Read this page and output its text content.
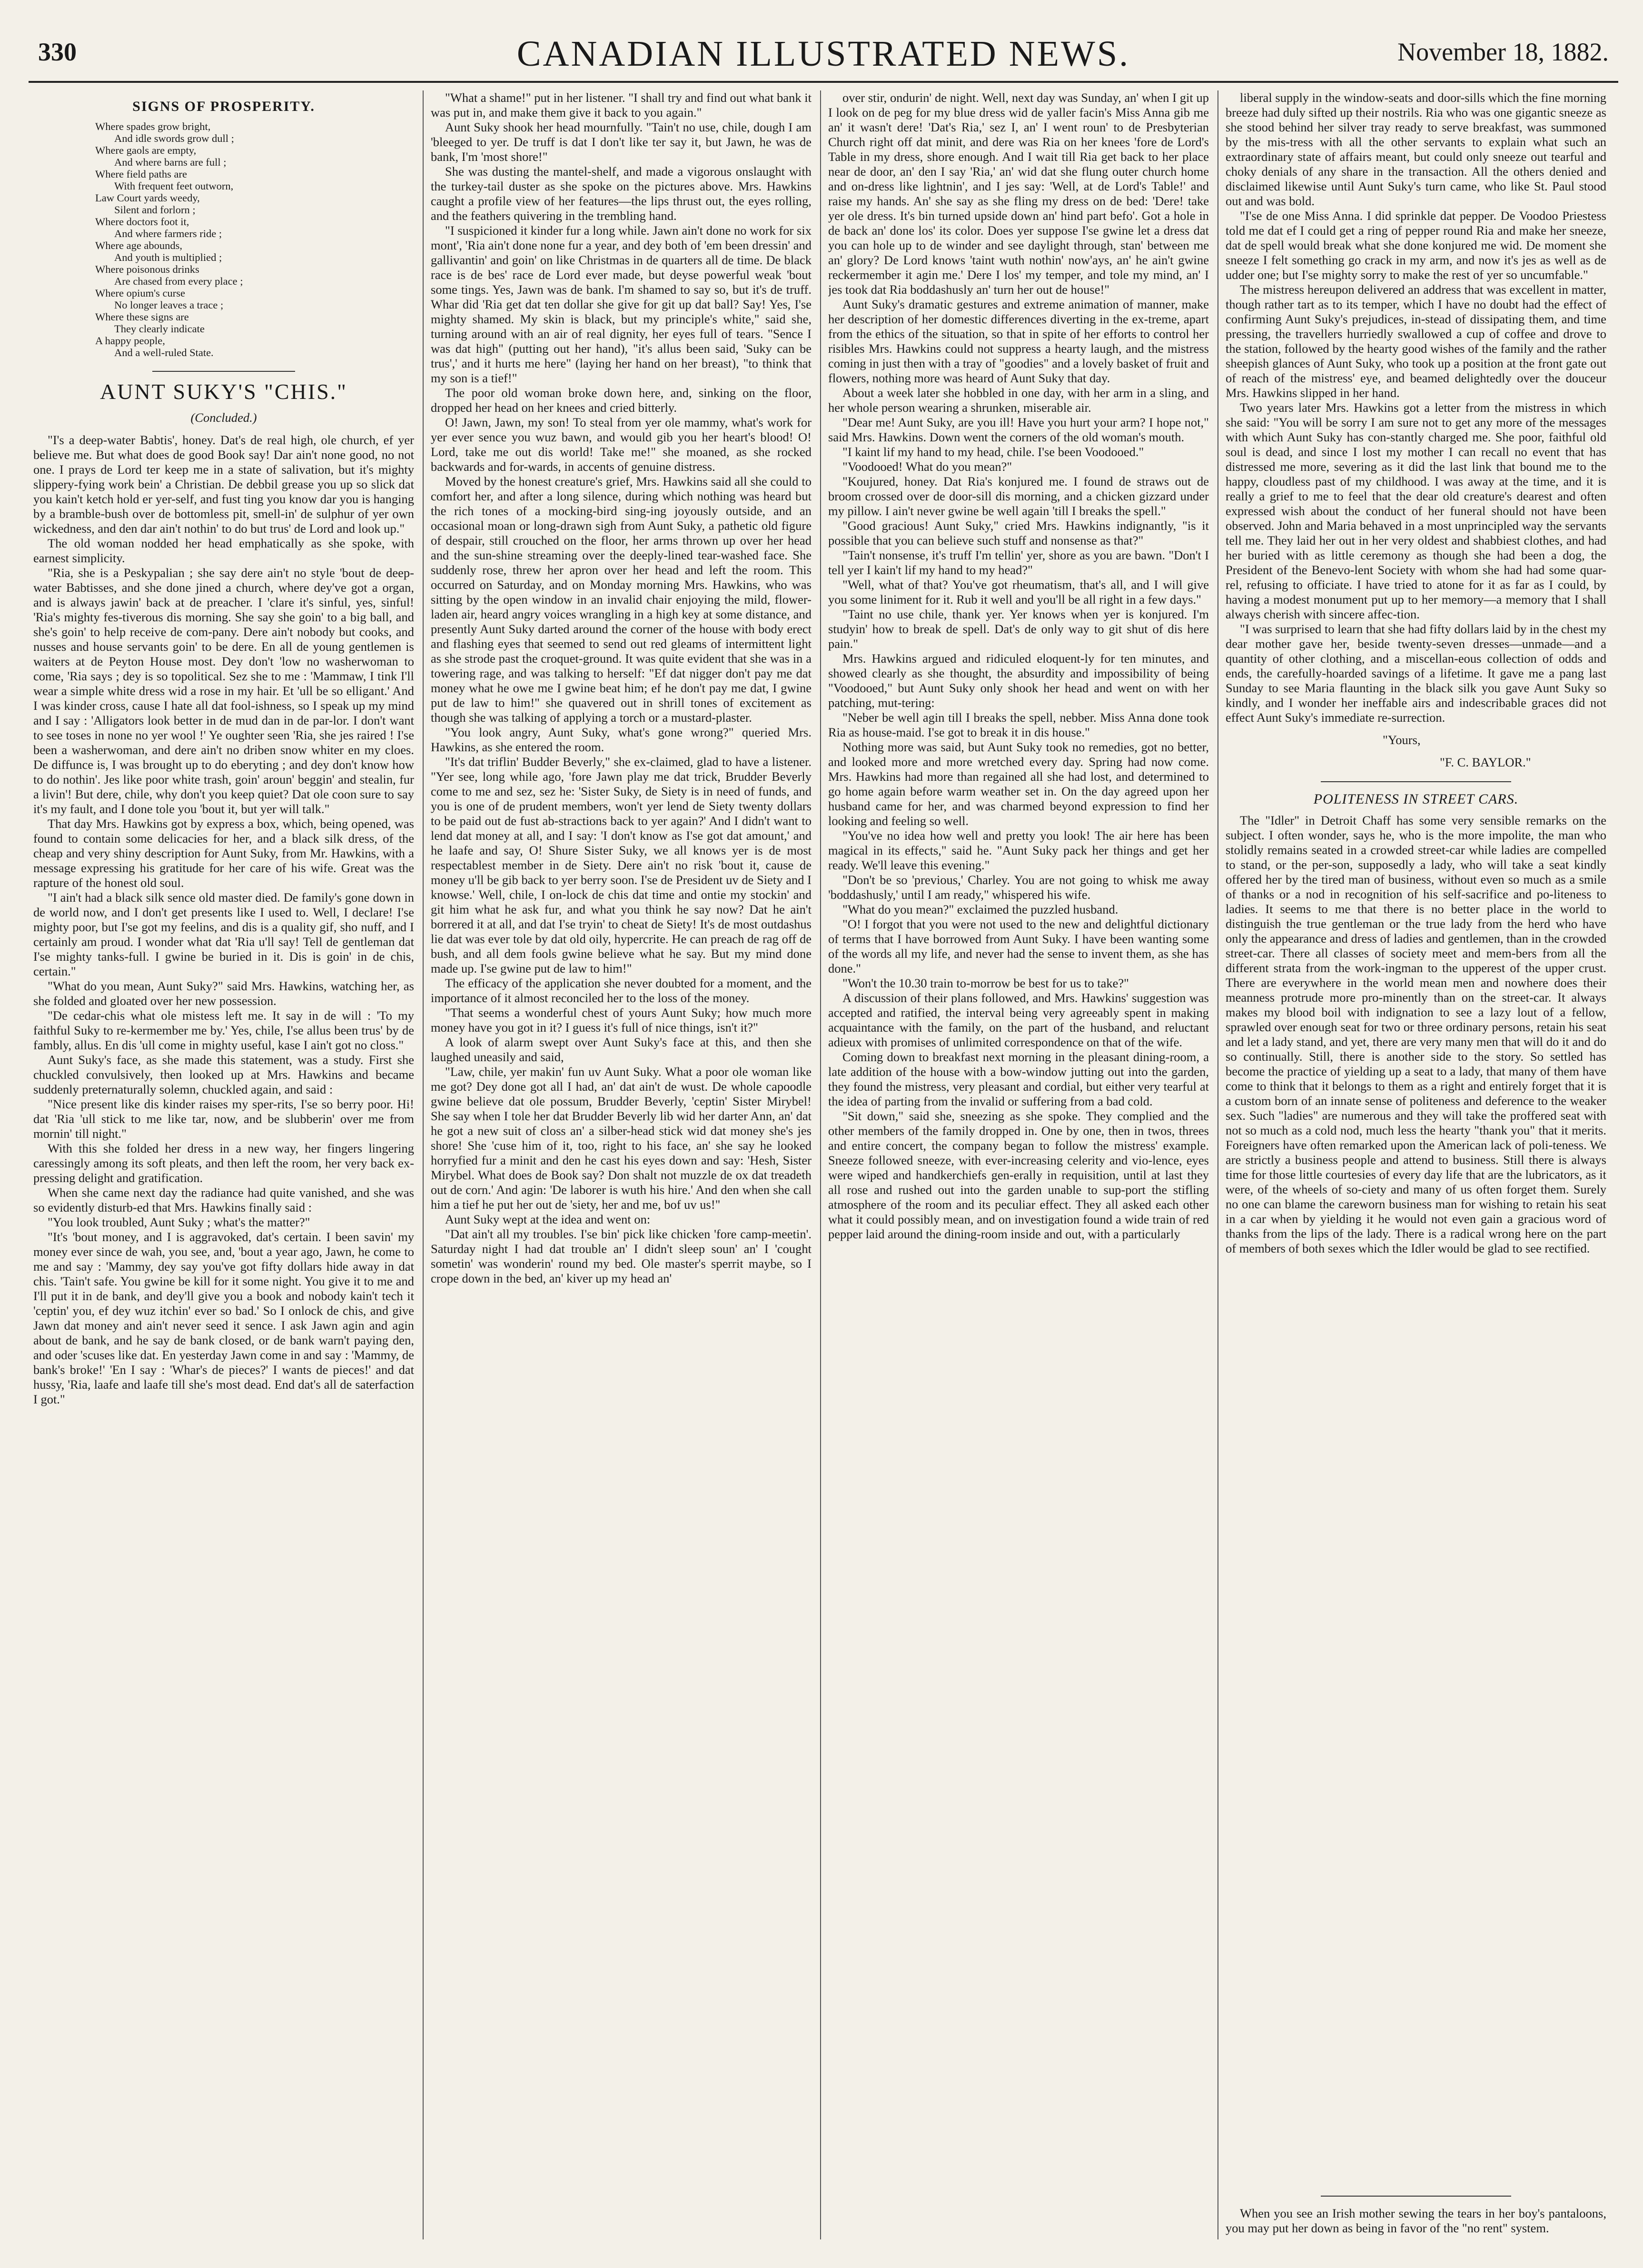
330	CANADIAN ILLUSTRATED NEWS.	November 18, 1882.
SIGNS OF PROSPERITY.
Where spades grow bright,
And idle swords grow dull ;
Where gaols are empty,
And where barns are full ;
Where field paths are
With frequent feet outworn,
Law Court yards weedy,
Silent and forlorn ;
Where doctors foot it,
And where farmers ride ;
Where age abounds,
And youth is multiplied ;
Where poisonous drinks
Are chased from every place ;
Where opium's curse
No longer leaves a trace ;
Where these signs are
They clearly indicate
A happy people,
And a well-ruled State.
AUNT SUKY'S "CHIS."
(Concluded.)

"I's a deep-water Babtis', honey. Dat's de real high, ole church, ef yer believe me. But what does de good Book say! Dar ain't none good, no not one. I prays de Lord ter keep me in a state of salivation, but it's mighty slippery-fying work bein' a Christian. De debbil grease you up so slick dat you kain't ketch hold er yer-self, and fust ting you know dar you is hanging by a bramble-bush over de bottomless pit, smell-in' de sulphur of yer own wickedness, and den dar ain't nothin' to do but trus' de Lord and look up."

The old woman nodded her head emphatically as she spoke, with earnest simplicity.

"Ria, she is a Peskypalian ; she say dere ain't no style 'bout de deep-water Babtisses, and she done jined a church, where dey've got a organ, and is always jawin' back at de preacher. I 'clare it's sinful, yes, sinful! 'Ria's mighty fes-tiverous dis morning. She say she goin' to a big ball, and she's goin' to help receive de com-pany. Dere ain't nobody but cooks, and nusses and house servants goin' to be dere. En all de young gentlemen is waiters at de Peyton House most. Dey don't 'low no washerwoman to come, 'Ria says ; dey is so topolitical. Sez she to me : 'Mammaw, I tink I'll wear a simple white dress wid a rose in my hair. Et 'ull be so elligant.' And I was kinder cross, cause I hate all dat fool-ishness, so I speak up my mind and I say : 'Alligators look better in de mud dan in de par-lor. I don't want to see toses in none no yer wool !' Ye oughter seen 'Ria, she jes raired ! I'se been a washerwoman, and dere ain't no driben snow whiter en my cloes. De diffunce is, I was brought up to do eberyting ; and dey don't know how to do nothin'. Jes like poor white trash, goin' aroun' beggin' and stealin, fur a livin'! But dere, chile, why don't you keep quiet? Dat ole coon sure to say it's my fault, and I done tole you 'bout it, but yer will talk."

That day Mrs. Hawkins got by express a box, which, being opened, was found to contain some delicacies for her, and a black silk dress, of the cheap and very shiny description for Aunt Suky, from Mr. Hawkins, with a message expressing his gratitude for her care of his wife. Great was the rapture of the honest old soul.

"I ain't had a black silk sence old master died. De family's gone down in de world now, and I don't get presents like I used to. Well, I declare! I'se mighty poor, but I'se got my feelins, and dis is a quality gif, sho nuff, and I certainly am proud. I wonder what dat 'Ria u'll say! Tell de gentleman dat I'se mighty tanks-full. I gwine be buried in it. Dis is goin' in de chis, certain."

"What do you mean, Aunt Suky?" said Mrs. Hawkins, watching her, as she folded and gloated over her new possession.

"De cedar-chis what ole mistess left me. It say in de will : 'To my faithful Suky to re-kermember me by.' Yes, chile, I'se allus been trus' by de fambly, allus. En dis 'ull come in mighty useful, kase I ain't got no closs."

Aunt Suky's face, as she made this statement, was a study. First she chuckled convulsively, then looked up at Mrs. Hawkins and became suddenly preternaturally solemn, chuckled again, and said :

"Nice present like dis kinder raises my sper-rits, I'se so berry poor. Hi! dat 'Ria 'ull stick to me like tar, now, and be slubberin' over me from mornin' till night."

With this she folded her dress in a new way, her fingers lingering caressingly among its soft pleats, and then left the room, her very back ex-pressing delight and gratification.

When she came next day the radiance had quite vanished, and she was so evidently disturb-ed that Mrs. Hawkins finally said :

"You look troubled, Aunt Suky ; what's the matter?"

"It's 'bout money, and I is aggravoked, dat's certain. I been savin' my money ever since de wah, you see, and, 'bout a year ago, Jawn, he come to me and say : 'Mammy, dey say you've got fifty dollars hide away in dat chis. 'Tain't safe. You gwine be kill for it some night. You give it to me and I'll put it in de bank, and dey'll give you a book and nobody kain't tech it 'ceptin' you, ef dey wuz itchin' ever so bad.' So I onlock de chis, and give Jawn dat money and ain't never seed it sence. I ask Jawn agin and agin about de bank, and he say de bank closed, or de bank warn't paying den, and oder 'scuses like dat. En yesterday Jawn come in and say : 'Mammy, de bank's broke!' 'En I say : 'Whar's de pieces?' I wants de pieces!' and dat hussy, 'Ria, laafe and laafe till she's most dead. End dat's all de saterfaction I got."

"What a shame!" put in her listener. "I shall try and find out what bank it was put in, and make them give it back to you again."

Aunt Suky shook her head mournfully. "Tain't no use, chile, dough I am 'bleeged to yer. De truff is dat I don't like ter say it, but Jawn, he was de bank, I'm 'most shore!"

She was dusting the mantel-shelf, and made a vigorous onslaught with the turkey-tail duster as she spoke on the pictures above. Mrs. Hawkins caught a profile view of her features—the lips thrust out, the eyes rolling, and the feathers quivering in the trembling hand.

"I suspicioned it kinder fur a long while. Jawn ain't done no work for six mont', 'Ria ain't done none fur a year, and dey both of 'em been dressin' and gallivantin' and goin' on like Christmas in de quarters all de time. De black race is de bes' race de Lord ever made, but deyse powerful weak 'bout some tings. Yes, Jawn was de bank. I'm shamed to say so, but it's de truff. Whar did 'Ria get dat ten dollar she give for git up dat ball? Say! Yes, I'se mighty shamed. My skin is black, but my principle's white," said she, turning around with an air of real dignity, her eyes full of tears. "Sence I was dat high" (putting out her hand), "it's allus been said, 'Suky can be trus',' and it hurts me here" (laying her hand on her breast), "to think that my son is a tief!"

The poor old woman broke down here, and, sinking on the floor, dropped her head on her knees and cried bitterly.

O! Jawn, Jawn, my son! To steal from yer ole mammy, what's work for yer ever sence you wuz bawn, and would gib you her heart's blood! O! Lord, take me out dis world! Take me!" she moaned, as she rocked backwards and for-wards, in accents of genuine distress.

Moved by the honest creature's grief, Mrs. Hawkins said all she could to comfort her, and after a long silence, during which nothing was heard but the rich tones of a mocking-bird sing-ing joyously outside, and an occasional moan or long-drawn sigh from Aunt Suky, a pathetic old figure of despair, still crouched on the floor, her arms thrown up over her head and the sun-shine streaming over the deeply-lined tear-washed face. She suddenly rose, threw her apron over her head and left the room. This occurred on Saturday, and on Monday morning Mrs. Hawkins, who was sitting by the open window in an invalid chair enjoying the mild, flower-laden air, heard angry voices wrangling in a high key at some distance, and presently Aunt Suky darted around the corner of the house with body erect and flashing eyes that seemed to send out red gleams of intermittent light as she strode past the croquet-ground. It was quite evident that she was in a towering rage, and was talking to herself: "Ef dat nigger don't pay me dat money what he owe me I gwine beat him; ef he don't pay me dat, I gwine put de law to him!" she quavered out in shrill tones of excitement as though she was talking of applying a torch or a mustard-plaster.

"You look angry, Aunt Suky, what's gone wrong?" queried Mrs. Hawkins, as she entered the room.

"It's dat triflin' Budder Beverly," she ex-claimed, glad to have a listener. "Yer see, long while ago, 'fore Jawn play me dat trick, Brudder Beverly come to me and sez, sez he: 'Sister Suky, de Siety is in need of funds, and you is one of de prudent members, won't yer lend de Siety twenty dollars to be paid out de fust ab-stractions back to yer again?' And I didn't want to lend dat money at all, and I say: 'I don't know as I'se got dat amount,' and he laafe and say, O! Shure Sister Suky, we all knows yer is de most respectablest member in de Siety. Dere ain't no risk 'bout it, cause de money u'll be gib back to yer berry soon. I'se de President uv de Siety and I knowse.' Well, chile, I on-lock de chis dat time and ontie my stockin' and git him what he ask fur, and what you think he say now? Dat he ain't borrered it at all, and dat I'se tryin' to cheat de Siety! It's de most outdashus lie dat was ever tole by dat old oily, hypercrite. He can preach de rag off de bush, and all dem fools gwine believe what he say. But my mind done made up. I'se gwine put de law to him!"

The efficacy of the application she never doubted for a moment, and the importance of it almost reconciled her to the loss of the money.

"That seems a wonderful chest of yours Aunt Suky; how much more money have you got in it? I guess it's full of nice things, isn't it?"

A look of alarm swept over Aunt Suky's face at this, and then she laughed uneasily and said,

"Law, chile, yer makin' fun uv Aunt Suky. What a poor ole woman like me got? Dey done got all I had, an' dat ain't de wust. De whole capoodle gwine believe dat ole possum, Brudder Beverly, 'ceptin' Sister Mirybel! She say when I tole her dat Brudder Beverly lib wid her darter Ann, an' dat he got a new suit of closs an' a silber-head stick wid dat money she's jes shore! She 'cuse him of it, too, right to his face, an' she say he looked horryfied fur a minit and den he cast his eyes down and say: 'Hesh, Sister Mirybel. What does de Book say? Don shalt not muzzle de ox dat treadeth out de corn.' And agin: 'De laborer is wuth his hire.' And den when she call him a tief he put her out de 'siety, her and me, bof uv us!"

Aunt Suky wept at the idea and went on:

"Dat ain't all my troubles. I'se bin' pick like chicken 'fore camp-meetin'. Saturday night I had dat trouble an' I didn't sleep soun' an' I 'cought sometin' was wonderin' round my bed. Ole master's sperrit maybe, so I crope down in the bed, an' kiver up my head an'

over stir, ondurin' de night. Well, next day was Sunday, an' when I git up I look on de peg for my blue dress wid de yaller facin's Miss Anna gib me an' it wasn't dere! 'Dat's Ria,' sez I, an' I went roun' to de Presbyterian Church right off dat minit, and dere was Ria on her knees 'fore de Lord's Table in my dress, shore enough. And I wait till Ria get back to her place near de door, an' den I say 'Ria,' an' wid dat she flung outer church home and on-dress like lightnin', and I jes say: 'Well, at de Lord's Table!' and raise my hands. An' she say as she fling my dress on de bed: 'Dere! take yer ole dress. It's bin turned upside down an' hind part befo'. Got a hole in de back an' done los' its color. Does yer suppose I'se gwine let a dress dat you can hole up to de winder and see daylight through, stan' between me an' glory? De Lord knows 'taint wuth nothin' now'ays, an' he ain't gwine reckermember it agin me.' Dere I los' my temper, and tole my mind, an' I jes took dat Ria boddashusly an' turn her out de house!"

Aunt Suky's dramatic gestures and extreme animation of manner, make her description of her domestic differences diverting in the ex-treme, apart from the ethics of the situation, so that in spite of her efforts to control her risibles Mrs. Hawkins could not suppress a hearty laugh, and the mistress coming in just then with a tray of "goodies" and a lovely basket of fruit and flowers, nothing more was heard of Aunt Suky that day.

About a week later she hobbled in one day, with her arm in a sling, and her whole person wearing a shrunken, miserable air.

"Dear me! Aunt Suky, are you ill! Have you hurt your arm? I hope not," said Mrs. Hawkins. Down went the corners of the old woman's mouth.

"I kaint lif my hand to my head, chile. I'se been Voodooed."

"Voodooed! What do you mean?"

"Koujured, honey. Dat Ria's konjured me. I found de straws out de broom crossed over de door-sill dis morning, and a chicken gizzard under my pillow. I ain't never gwine be well again 'till I breaks the spell."

"Good gracious! Aunt Suky," cried Mrs. Hawkins indignantly, "is it possible that you can believe such stuff and nonsense as that?"

"Tain't nonsense, it's truff I'm tellin' yer, shore as you are bawn. "Don't I tell yer I kain't lif my hand to my head?"

"Well, what of that? You've got rheumatism, that's all, and I will give you some liniment for it. Rub it well and you'll be all right in a few days."

"Taint no use chile, thank yer. Yer knows when yer is konjured. I'm studyin' how to break de spell. Dat's de only way to git shut of dis here pain."

Mrs. Hawkins argued and ridiculed eloquent-ly for ten minutes, and showed clearly as she thought, the absurdity and impossibility of being "Voodooed," but Aunt Suky only shook her head and went on with her patching, mut-tering:

"Neber be well agin till I breaks the spell, nebber. Miss Anna done took Ria as house-maid. I'se got to break it in dis house."

Nothing more was said, but Aunt Suky took no remedies, got no better, and looked more and more wretched every day. Spring had now come. Mrs. Hawkins had more than regained all she had lost, and determined to go home again before warm weather set in. On the day agreed upon her husband came for her, and was charmed beyond expression to find her looking and feeling so well.

"You've no idea how well and pretty you look! The air here has been magical in its effects," said he. "Aunt Suky pack her things and get her ready. We'll leave this evening."

"Don't be so 'previous,' Charley. You are not going to whisk me away 'boddashusly,' until I am ready," whispered his wife.

"What do you mean?" exclaimed the puzzled husband.

"O! I forgot that you were not used to the new and delightful dictionary of terms that I have borrowed from Aunt Suky. I have been wanting some of the words all my life, and never had the sense to invent them, as she has done."

"Won't the 10.30 train to-morrow be best for us to take?"

A discussion of their plans followed, and Mrs. Hawkins' suggestion was accepted and ratified, the interval being very agreeably spent in making acquaintance with the family, on the part of the husband, and reluctant adieux with promises of unlimited correspondence on that of the wife.

Coming down to breakfast next morning in the pleasant dining-room, a late addition of the house with a bow-window jutting out into the garden, they found the mistress, very pleasant and cordial, but either very tearful at the idea of parting from the invalid or suffering from a bad cold.

"Sit down," said she, sneezing as she spoke. They complied and the other members of the family dropped in. One by one, then in twos, threes and entire concert, the company began to follow the mistress' example. Sneeze followed sneeze, with ever-increasing celerity and vio-lence, eyes were wiped and handkerchiefs gen-erally in requisition, until at last they all rose and rushed out into the garden unable to sup-port the stifling atmosphere of the room and its peculiar effect. They all asked each other what it could possibly mean, and on investigation found a wide train of red pepper laid around the dining-room inside and out, with a particularly

liberal supply in the window-seats and door-sills which the fine morning breeze had duly sifted up their nostrils. Ria who was one gigantic sneeze as she stood behind her silver tray ready to serve breakfast, was summoned by the mis-tress with all the other servants to explain what such an extraordinary state of affairs meant, but could only sneeze out tearful and choky denials of any share in the transaction. All the others denied and disclaimed likewise until Aunt Suky's turn came, who like St. Paul stood out and was bold.

"I'se de one Miss Anna. I did sprinkle dat pepper. De Voodoo Priestess told me dat ef I could get a ring of pepper round Ria and make her sneeze, dat de spell would break what she done konjured me wid. De moment she sneeze I felt something go crack in my arm, and now it's jes as well as de udder one; but I'se mighty sorry to make the rest of yer so uncumfable."

The mistress hereupon delivered an address that was excellent in matter, though rather tart as to its temper, which I have no doubt had the effect of confirming Aunt Suky's prejudices, in-stead of dissipating them, and time pressing, the travellers hurriedly swallowed a cup of coffee and drove to the station, followed by the hearty good wishes of the family and the rather sheepish glances of Aunt Suky, who took up a position at the front gate out of reach of the mistress' eye, and beamed delightedly over the douceur Mrs. Hawkins slipped in her hand.

Two years later Mrs. Hawkins got a letter from the mistress in which she said: "You will be sorry I am sure not to get any more of the messages with which Aunt Suky has con-stantly charged me. She poor, faithful old soul is dead, and since I lost my mother I can recall no event that has distressed me more, severing as it did the last link that bound me to the happy, cloudless past of my childhood. I was away at the time, and it is really a grief to me to feel that the dear old creature's dearest and often expressed wish about the conduct of her funeral should not have been observed. John and Maria behaved in a most unprincipled way the servants tell me. They laid her out in her very oldest and shabbiest clothes, and had her buried with as little ceremony as though she had been a dog, the President of the Benevo-lent Society with whom she had had some quar-rel, refusing to officiate. I have tried to atone for it as far as I could, by having a modest monument put up to her memory—a memory that I shall always cherish with sincere affec-tion.

"I was surprised to learn that she had fifty dollars laid by in the chest my dear mother gave her, beside twenty-seven dresses—unmade—and a quantity of other clothing, and a miscellan-eous collection of odds and ends, the carefully-hoarded savings of a lifetime. It gave me a pang last Sunday to see Maria flaunting in the black silk you gave Aunt Suky so kindly, and I wonder her ineffable airs and indescribable graces did not effect Aunt Suky's immediate re-surrection.

"Yours,

"F. C. BAYLOR."

POLITENESS IN STREET CARS.

The "Idler" in Detroit Chaff has some very sensible remarks on the subject. I often wonder, says he, who is the more impolite, the man who stolidly remains seated in a crowded street-car while ladies are compelled to stand, or the per-son, supposedly a lady, who will take a seat kindly offered her by the tired man of business, without even so much as a smile of thanks or a nod in recognition of his self-sacrifice and po-liteness to ladies. It seems to me that there is no better place in the world to distinguish the true gentleman or the true lady from the herd who have only the appearance and dress of ladies and gentlemen, than in the crowded street-car. There all classes of society meet and mem-bers from all the different strata from the work-ingman to the upperest of the upper crust. There are everywhere in the world mean men and nowhere does their meanness protrude more pro-minently than on the street-car. It always makes my blood boil with indignation to see a lazy lout of a fellow, sprawled over enough seat for two or three ordinary persons, retain his seat and let a lady stand, and yet, there are very many men that will do it and do so continually. Still, there is another side to the story. So settled has become the practice of yielding up a seat to a lady, that many of them have come to think that it belongs to them as a right and entirely forget that it is a custom born of an innate sense of politeness and deference to the weaker sex. Such "ladies" are numerous and they will take the proffered seat with not so much as a cold nod, much less the hearty "thank you" that it merits. Foreigners have often remarked upon the American lack of poli-teness. We are strictly a business people and attend to business. Still there is always time for those little courtesies of every day life that are the lubricators, as it were, of the wheels of so-ciety and many of us often forget them. Surely no one can blame the careworn business man for wishing to retain his seat in a car when by yielding it he would not even gain a gracious word of thanks from the lips of the lady. There is a radical wrong here on the part of members of both sexes which the Idler would be glad to see rectified.

When you see an Irish mother sewing the tears in her boy's pantaloons, you may put her down as being in favor of the "no rent" system.
